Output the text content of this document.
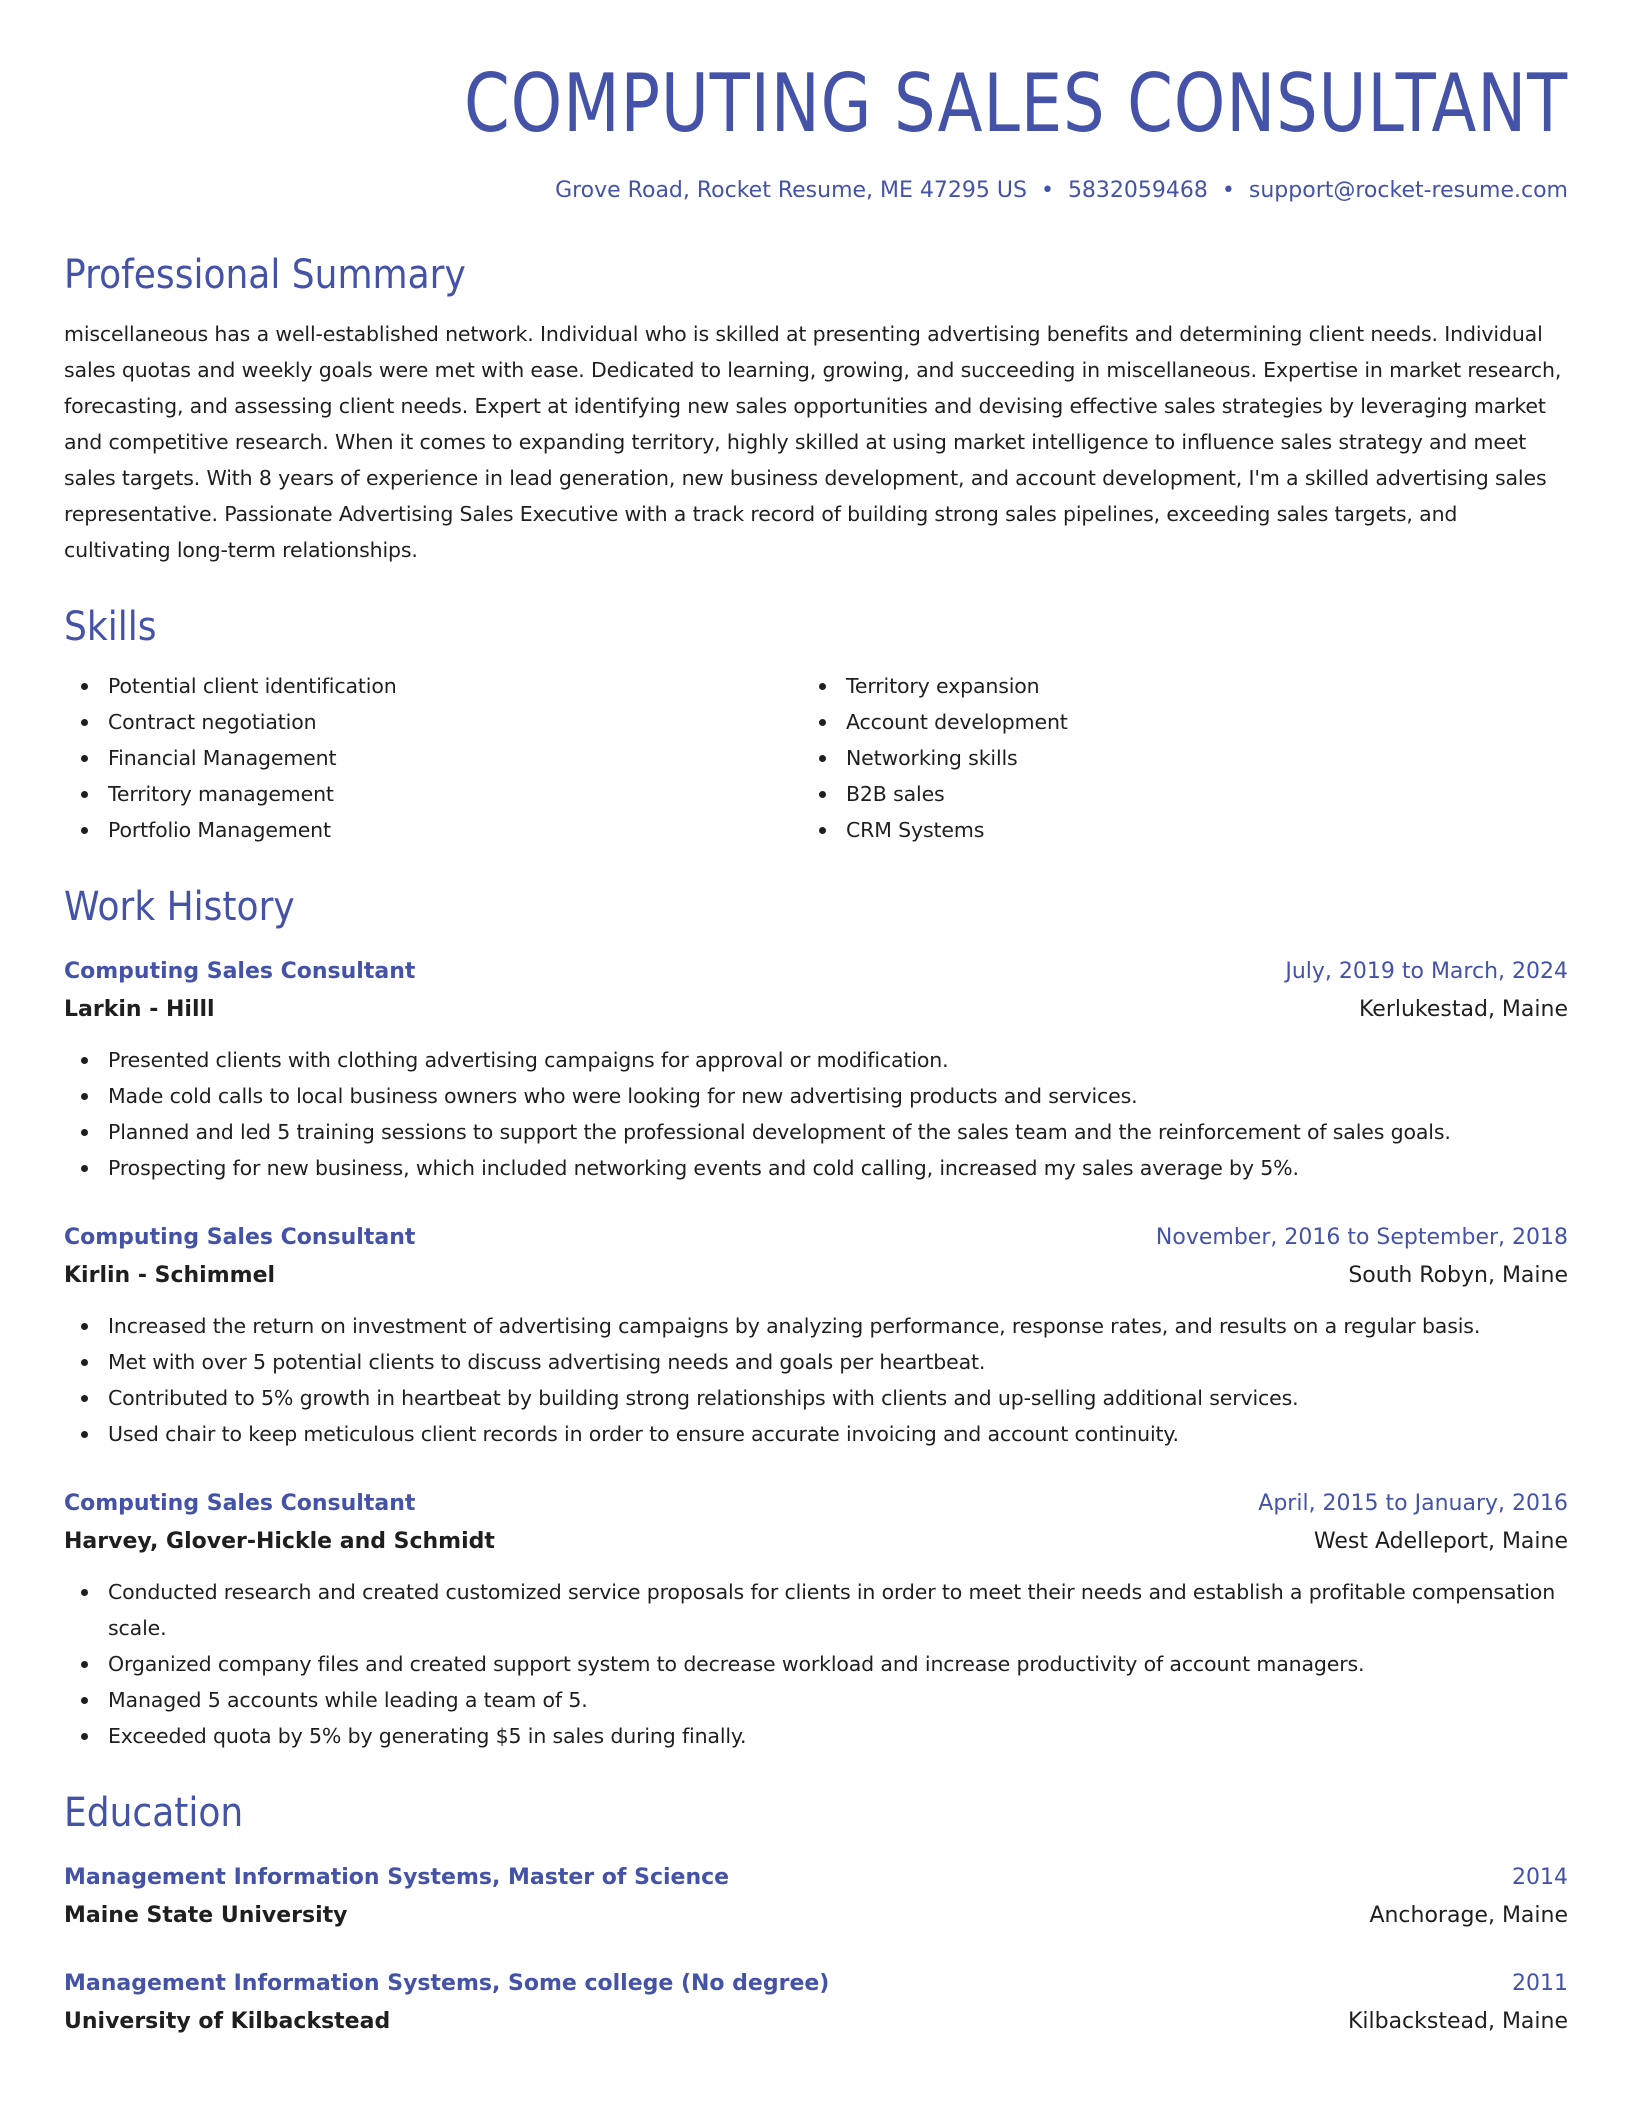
COMPUTING SALES CONSULTANT
Grove Road, Rocket Resume, ME 47295 US • 5832059468 • support@rocket-resume.com
Professional Summary

miscellaneous has a well-established network. Individual who is skilled at presenting advertising benefits and determining client needs. Individual sales quotas and weekly goals were met with ease. Dedicated to learning, growing, and succeeding in miscellaneous. Expertise in market research, forecasting, and assessing client needs. Expert at identifying new sales opportunities and devising effective sales strategies by leveraging market and competitive research. When it comes to expanding territory, highly skilled at using market intelligence to influence sales strategy and meet sales targets. With 8 years of experience in lead generation, new business development, and account development, I'm a skilled advertising sales representative. Passionate Advertising Sales Executive with a track record of building strong sales pipelines, exceeding sales targets, and cultivating long-term relationships.

Skills
Potential client identification
Contract negotiation
Financial Management
Territory management
Portfolio Management
Territory expansion
Account development
Networking skills
B2B sales
CRM Systems
Work History
Computing Sales Consultant	July, 2019 to March, 2024
Larkin - Hilll	Kerlukestad, Maine
Presented clients with clothing advertising campaigns for approval or modification.
Made cold calls to local business owners who were looking for new advertising products and services.
Planned and led 5 training sessions to support the professional development of the sales team and the reinforcement of sales goals.
Prospecting for new business, which included networking events and cold calling, increased my sales average by 5%.
Computing Sales Consultant	November, 2016 to September, 2018
Kirlin - Schimmel	South Robyn, Maine
Increased the return on investment of advertising campaigns by analyzing performance, response rates, and results on a regular basis.
Met with over 5 potential clients to discuss advertising needs and goals per heartbeat.
Contributed to 5% growth in heartbeat by building strong relationships with clients and up-selling additional services.
Used chair to keep meticulous client records in order to ensure accurate invoicing and account continuity.
Computing Sales Consultant	April, 2015 to January, 2016
Harvey, Glover-Hickle and Schmidt	West Adelleport, Maine
Conducted research and created customized service proposals for clients in order to meet their needs and establish a profitable compensation scale.
Organized company files and created support system to decrease workload and increase productivity of account managers.
Managed 5 accounts while leading a team of 5.
Exceeded quota by 5% by generating $5 in sales during finally.
Education
Management Information Systems, Master of Science	2014
Maine State University	Anchorage, Maine
Management Information Systems, Some college (No degree)	2011
University of Kilbackstead	Kilbackstead, Maine
